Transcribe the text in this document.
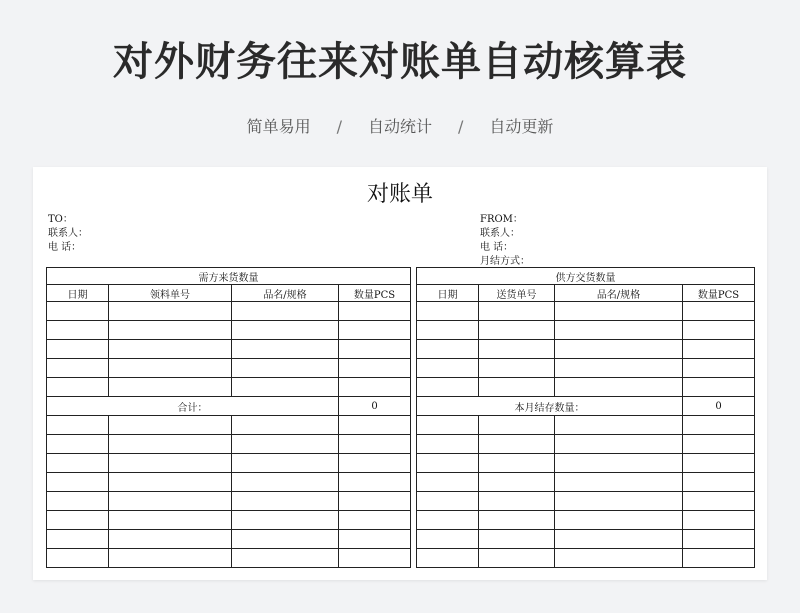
对外财务往来对账单自动核算表
简单易用 / 自动统计 / 自动更新
对账单
TO：
联系人：
电 话：
FROM：
联系人：
电 话：
月结方式：
需方来货数量			
日期	领料单号	品名/规格	数量PCS

合计：			0

供方交货数量			
日期	送货单号	品名/规格	数量PCS

本月结存数量：			0
